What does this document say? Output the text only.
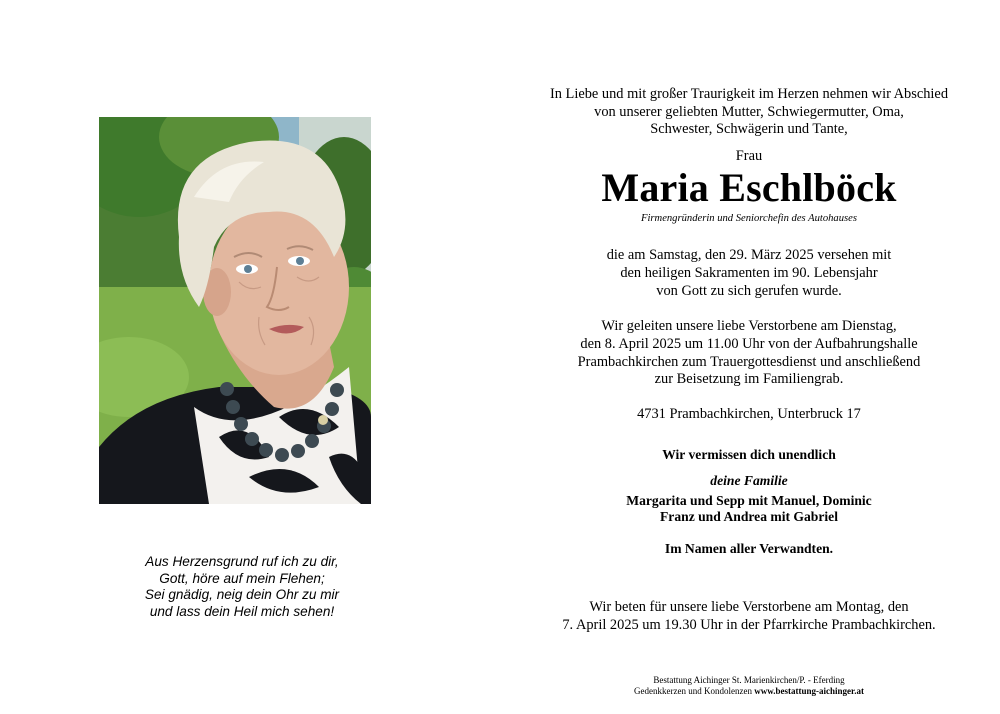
Aus Herzensgrund ruf ich zu dir,
Gott, höre auf mein Flehen;
Sei gnädig, neig dein Ohr zu mir
und lass dein Heil mich sehen!
In Liebe und mit großer Traurigkeit im Herzen nehmen wir Abschied
von unserer geliebten Mutter, Schwiegermutter, Oma,
Schwester, Schwägerin und Tante,
Frau
Maria Eschlböck
Firmengründerin und Seniorchefin des Autohauses
die am Samstag, den 29. März 2025 versehen mit
den heiligen Sakramenten im 90. Lebensjahr
von Gott zu sich gerufen wurde.
Wir geleiten unsere liebe Verstorbene am Dienstag,
den 8. April 2025 um 11.00 Uhr von der Aufbahrungshalle
Prambachkirchen zum Trauergottesdienst und anschließend
zur Beisetzung im Familiengrab.
4731 Prambachkirchen, Unterbruck 17
Wir vermissen dich unendlich
deine Familie
Margarita und Sepp mit Manuel, Dominic
Franz und Andrea mit Gabriel
Im Namen aller Verwandten.
Wir beten für unsere liebe Verstorbene am Montag, den
7. April 2025 um 19.30 Uhr in der Pfarrkirche Prambachkirchen.
Bestattung Aichinger St. Marienkirchen/P. - Eferding
Gedenkkerzen und Kondolenzen www.bestattung-aichinger.at
